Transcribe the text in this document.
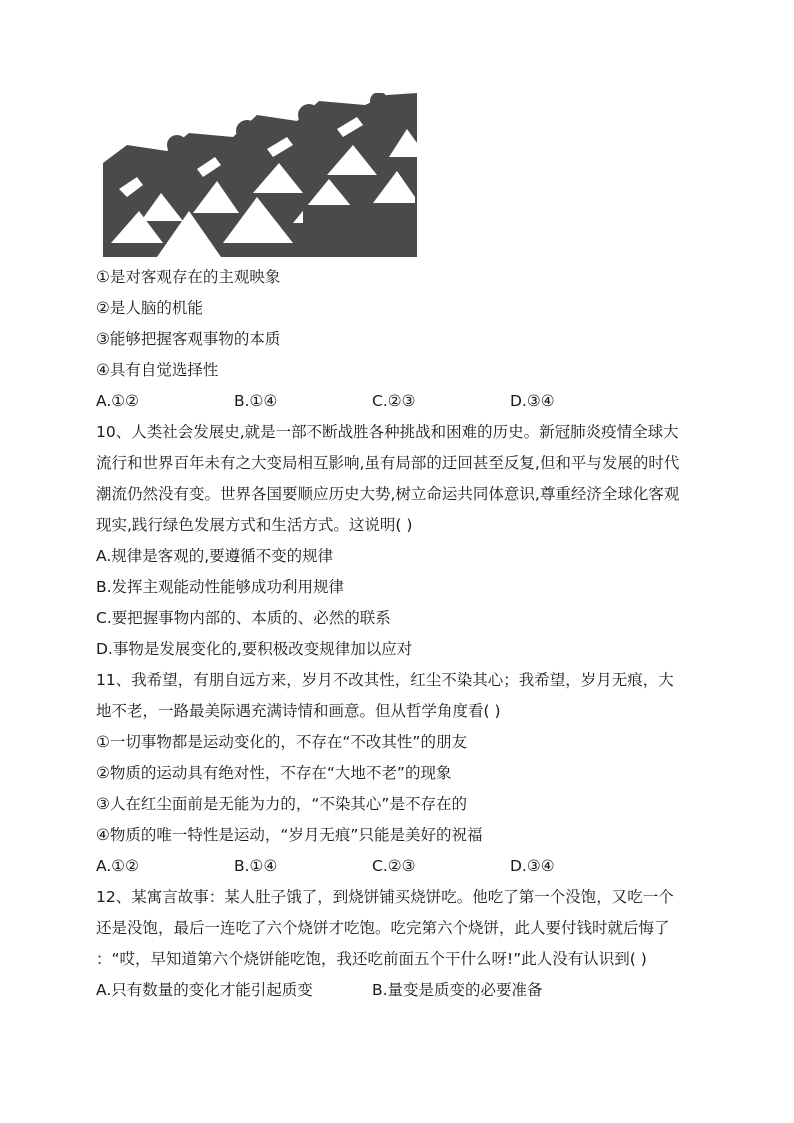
①是对客观存在的主观映象
②是人脑的机能
③能够把握客观事物的本质
④具有自觉选择性
A.①②	B.①④	C.②③	D.③④
10、人类社会发展史,就是一部不断战胜各种挑战和困难的历史。新冠肺炎疫情全球大
流行和世界百年未有之大变局相互影响,虽有局部的迂回甚至反复,但和平与发展的时代
潮流仍然没有变。世界各国要顺应历史大势,树立命运共同体意识,尊重经济全球化客观
现实,践行绿色发展方式和生活方式。这说明( )
A.规律是客观的,要遵循不变的规律
B.发挥主观能动性能够成功利用规律
C.要把握事物内部的、本质的、必然的联系
D.事物是发展变化的,要积极改变规律加以应对
11、我希望，有朋自远方来，岁月不改其性，红尘不染其心；我希望，岁月无痕，大
地不老，一路最美际遇充满诗情和画意。但从哲学角度看( )
①一切事物都是运动变化的，不存在“不改其性”的朋友
②物质的运动具有绝对性，不存在“大地不老”的现象
③人在红尘面前是无能为力的，“不染其心”是不存在的
④物质的唯一特性是运动，“岁月无痕”只能是美好的祝福
A.①②	B.①④	C.②③	D.③④
12、某寓言故事：某人肚子饿了，到烧饼铺买烧饼吃。他吃了第一个没饱，又吃一个
还是没饱，最后一连吃了六个烧饼才吃饱。吃完第六个烧饼，此人要付钱时就后悔了
：“哎，早知道第六个烧饼能吃饱，我还吃前面五个干什么呀!”此人没有认识到( )
A.只有数量的变化才能引起质变	B.量变是质变的必要准备
